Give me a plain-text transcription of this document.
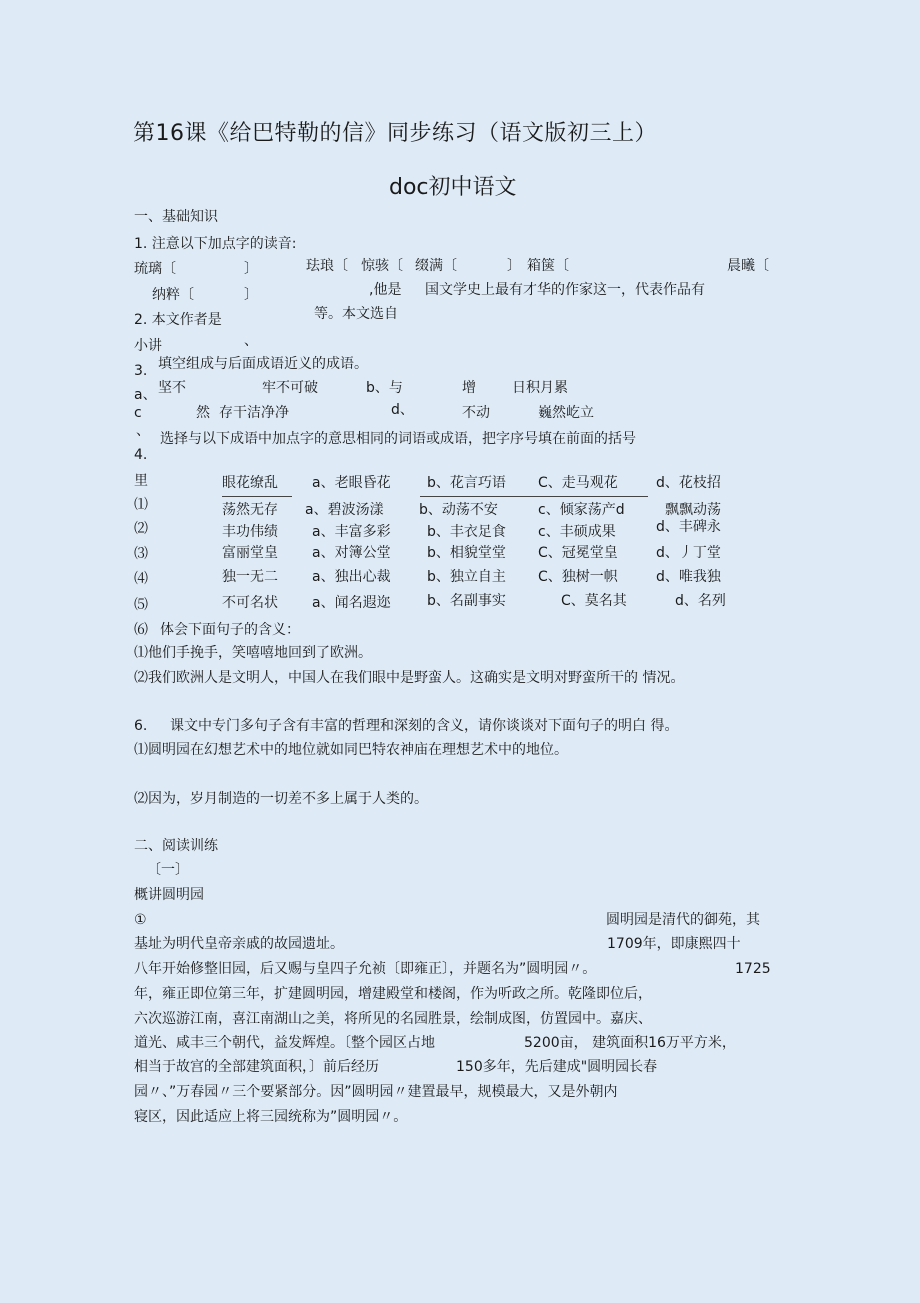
第16课《给巴特勒的信》同步练习（语文版初三上）
doc初中语文
一、基础知识
1. 注意以下加点字的读音:
琉璃〔	〕	珐琅〔 惊骇〔 缀满〔	〕 箱箧〔	晨曦〔
纳粹〔	〕	,他是 国文学史上最有才华的作家这一，代表作品有
2. 本文作者是	等。本文选自
小讲	、
3. 填空组成与后面成语近义的成语。
a、 坚不	牢不可破	b、与	增	日积月累
c	然 存干洁净净	d、	不动	巍然屹立
、 选择与以下成语中加点字的意思相同的词语或成语，把字序号填在前面的括号
4.
里
⑴
眼花缭乱 a、老眼昏花	b、花言巧语 C、走马观花	d、花枝招
⑵
荡然无存 a、碧波汤漾	b、动荡不安	c、倾家荡产d	飘飘动荡
⑶
丰功伟绩 a、丰富多彩	b、丰衣足食 c、丰硕成果	d、丰碑永
⑷
富丽堂皇 a、对簿公堂	b、相貌堂堂 C、冠冕堂皇	d、丿丁堂
⑸
独一无二 a、独出心裁	b、独立自主 C、独树一帜	d、唯我独
⑹
不可名状 a、闻名遐迩	b、名副事实	C、莫名其	d、名列
体会下面句子的含义：
⑴他们手挽手，笑嘻嘻地回到了欧洲。
⑵我们欧洲人是文明人，中国人在我们眼中是野蛮人。这确实是文明对野蛮所干的 情况。
6. 课文中专门多句子含有丰富的哲理和深刻的含义，请你谈谈对下面句子的明白 得。
⑴圆明园在幻想艺术中的地位就如同巴特农神庙在理想艺术中的地位。
⑵因为，岁月制造的一切差不多上属于人类的。
二、阅读训练
〔一〕
概讲圆明园
①	圆明园是清代的御苑，其
基址为明代皇帝亲戚的故园遗址。	1709年，即康熙四十
八年开始修整旧园，后又赐与皇四子允祯〔即雍正〕，并题名为”圆明园〃。	1725
年，雍正即位第三年，扩建圆明园，增建殿堂和楼阁，作为听政之所。乾隆即位后，
六次巡游江南，喜江南湖山之美，将所见的名园胜景，绘制成图，仿置园中。嘉庆、
道光、咸丰三个朝代，益发辉煌。〔整个园区占地	5200亩， 建筑面积16万平方米，
相当于故宫的全部建筑面积，〕前后经历	150多年，先后建成"圆明园长春
园〃、”万春园〃三个要紧部分。因”圆明园〃建置最早，规模最大，又是外朝内
寝区，因此适应上将三园统称为”圆明园〃。
